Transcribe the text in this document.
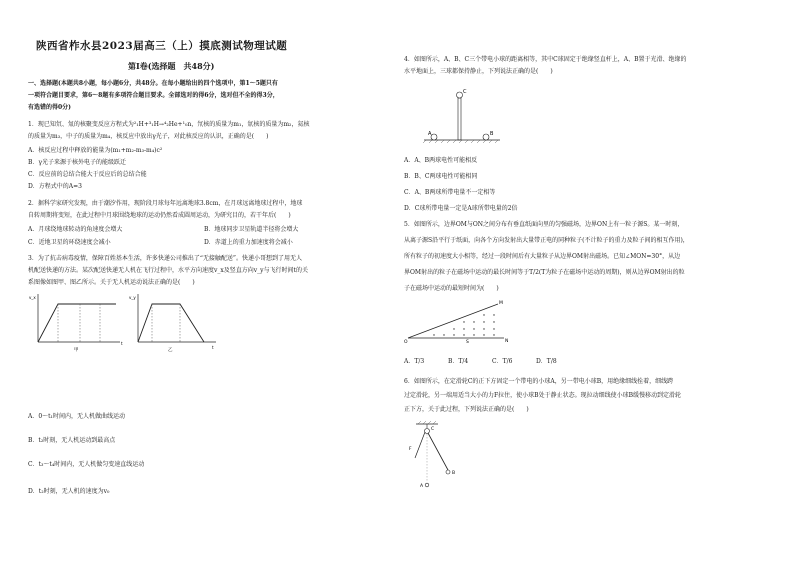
陕西省柞水县2023届高三（上）摸底测试物理试题
第Ⅰ卷(选择题　共48分)
一、选择题(本题共8小题，每小题6分，共48分。在每小题给出的四个选项中，第1～5题只有
一项符合题目要求，第6～8题有多项符合题目要求。全部选对的得6分，选对但不全的得3分，
有选错的得0分)
1．现已知氘、氚的核聚变反应方程式为²₁H+³₁H→⁴₂He+¹₀n，氘核的质量为m₁，氚核的质量为m₂，氦核
的质量为m₃，中子的质量为m₄，核反应中放出γ光子，对此核反应的认识，正确的是(　　)
A．核反应过程中释放的能量为(m₁+m₂-m₃-m₄)c²
B．γ光子来源于核外电子的能级跃迁
C．反应前的总结合能大于反应后的总结合能
D．方程式中的A=3
2．据科学家研究发现，由于潮汐作用，现阶段月球每年远离地球3.8cm，在月球远离地球过程中，地球
自转周期将变短，在此过程中月球围绕地球的运动仍然看成圆周运动，为研究目的，若干年后(　　)
A．月球绕地球转动的角速度会增大	B．地球同步卫星轨道半径将会增大
C．近地卫星的环绕速度会减小	D．赤道上的重力加速度将会减小
3．为了抗击病毒疫情，保障百姓基本生活，许多快递公司推出了“无接触配送”。快递小哥想到了用无人
机配送快递的方法。某次配送快递无人机在飞行过程中，水平方向速度v_x及竖直方向v_y与飞行时间t的关
系图像如图甲、图乙所示。关于无人机运动说法正确的是(　　)
v_x
t
甲
v_y
t
乙
A．0～t₁时间内，无人机做曲线运动
B．t₂时刻，无人机运动到最高点
C．t₃～t₄时间内，无人机做匀变速直线运动
D．t₂时刻，无人机的速度为v₀
4．如图所示，A、B、C三个带电小球的距离相等，其中C球固定于绝缘竖直杆上，A、B置于光滑、绝缘的
水平地面上，三球都保持静止，下列说法正确的是(　　)
C
A	B
A．A、B两球电性可能相反
B．B、C两球电性可能相同
C．A、B两球所带电量不一定相等
D．C球所带电量一定是A球所带电量的2倍
5．如图所示，边界OM与ON之间分布有垂直纸面向里的匀强磁场，边界ON上有一粒子源S。某一时刻，
从离子源S沿平行于纸面，向各个方向发射出大量带正电的同种粒子(不计粒子的重力及粒子间的相互作用)，
所有粒子的初速度大小相等，经过一段时间后有大量粒子从边界OM射出磁场。已知∠MON=30°，从边
界OM射出的粒子在磁场中运动的最长时间等于T/2(T为粒子在磁场中运动的周期)，则从边界OM射出的粒
子在磁场中运动的最短时间为(　　)
M
O	S	N
A．T/3	B．T/4	C．T/6	D．T/8
6．如图所示，在定滑轮C的正下方固定一个带电的小球A，另一带电小球B，用绝缘细线拴着，细线跨
过定滑轮，另一端用适当大小的力F拉住，使小球B处于静止状态。现拉动细线使小球B缓慢移动到定滑轮
正下方，关于此过程，下列说法正确的是(　　)
C
F
B
A
